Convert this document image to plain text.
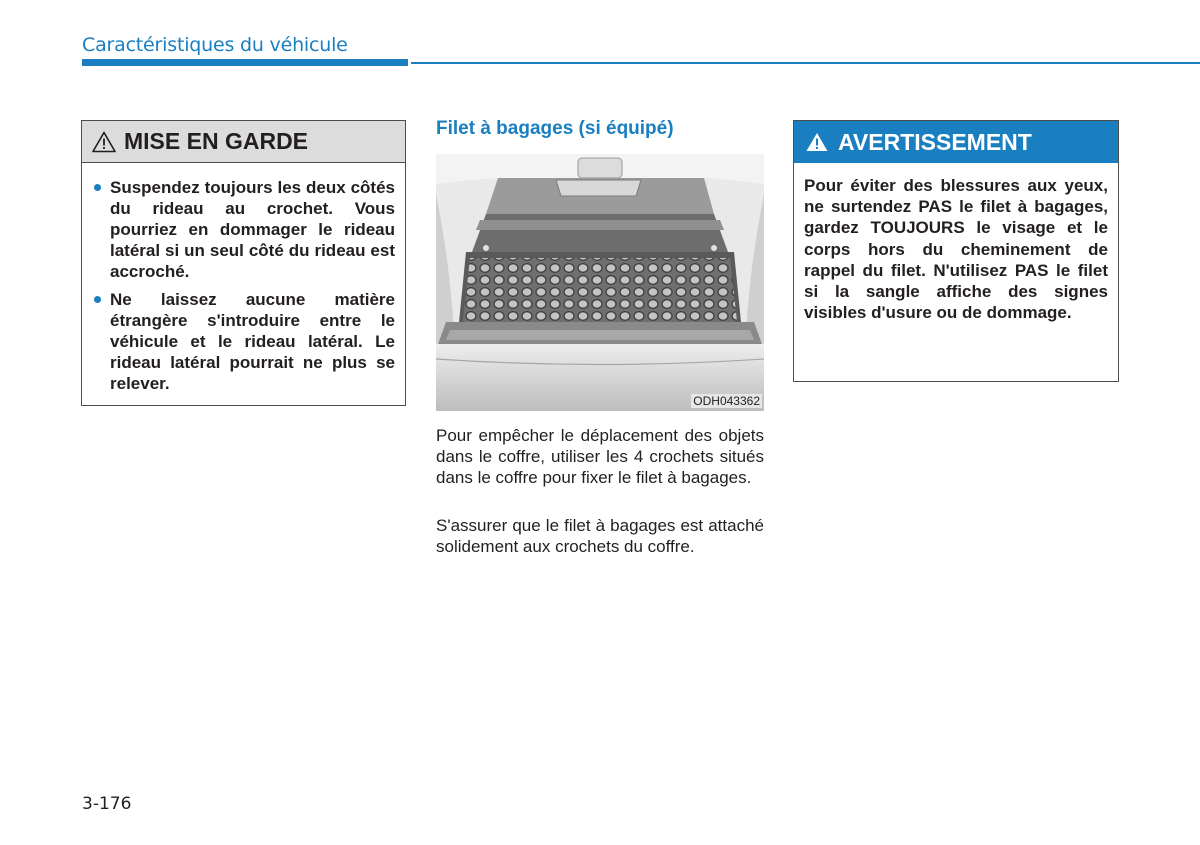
Caractéristiques du véhicule
MISE EN GARDE
Suspendez toujours les deux côtés du rideau au crochet. Vous pourriez en dommager le rideau latéral si un seul côté du rideau est accroché.
Ne laissez aucune matière étrangère s'introduire entre le véhicule et le rideau latéral. Le rideau latéral pourrait ne plus se relever.
Filet à bagages (si équipé)
ODH043362

Pour empêcher le déplacement des objets dans le coffre, utiliser les 4 crochets situés dans le coffre pour fixer le filet à bagages.

S'assurer que le filet à bagages est attaché solidement aux crochets du coffre.

AVERTISSEMENT

Pour éviter des blessures aux yeux, ne surtendez PAS le filet à bagages, gardez TOUJOURS le visage et le corps hors du cheminement de rappel du filet. N'utilisez PAS le filet si la sangle affiche des signes visibles d'usure ou de dommage.

3-176
